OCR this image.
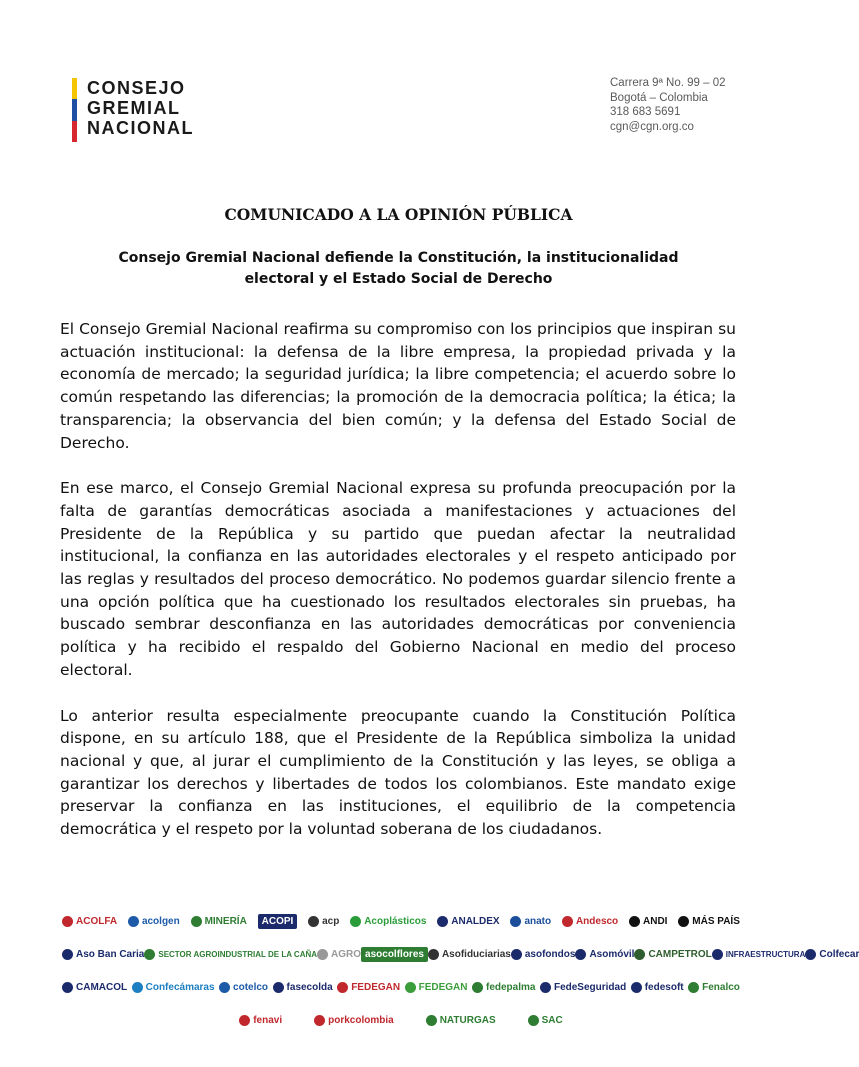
CONSEJO
GREMIAL
NACIONAL
Carrera 9ª No. 99 – 02
Bogotá – Colombia
318 683 5691
cgn@cgn.org.co
COMUNICADO A LA OPINIÓN PÚBLICA
Consejo Gremial Nacional defiende la Constitución, la institucionalidad
electoral y el Estado Social de Derecho

El Consejo Gremial Nacional reafirma su compromiso con los principios que inspiran su actuación institucional: la defensa de la libre empresa, la propiedad privada y la economía de mercado; la seguridad jurídica; la libre competencia; el acuerdo sobre lo común respetando las diferencias; la promoción de la democracia política; la ética; la transparencia; la observancia del bien común; y la defensa del Estado Social de Derecho.

En ese marco, el Consejo Gremial Nacional expresa su profunda preocupación por la falta de garantías democráticas asociada a manifestaciones y actuaciones del Presidente de la República y su partido que puedan afectar la neutralidad institucional, la confianza en las autoridades electorales y el respeto anticipado por las reglas y resultados del proceso democrático. No podemos guardar silencio frente a una opción política que ha cuestionado los resultados electorales sin pruebas, ha buscado sembrar desconfianza en las autoridades democráticas por conveniencia política y ha recibido el respaldo del Gobierno Nacional en medio del proceso electoral.

Lo anterior resulta especialmente preocupante cuando la Constitución Política dispone, en su artículo 188, que el Presidente de la República simboliza la unidad nacional y que, al jurar el cumplimiento de la Constitución y las leyes, se obliga a garantizar los derechos y libertades de todos los colombianos. Este mandato exige preservar la confianza en las instituciones, el equilibrio de la competencia democrática y el respeto por la voluntad soberana de los ciudadanos.

ACOLFA acolgen MINERÍA ACOPI	acp Acoplásticos ANALDEX anato Andesco ANDI MÁS PAÍS
Aso Ban Caria SECTOR AGROINDUSTRIAL DE LA CAÑA AGRO asocolflores Asofiduciarias asofondos Asomóvil CAMPETROL INFRAESTRUCTURA Colfecar
CAMACOL Confecámaras cotelco fasecolda FEDEGAN FEDEGAN fedepalma FedeSeguridad fedesoft Fenalco
fenavi	porkcolombia	NATURGAS	SAC
